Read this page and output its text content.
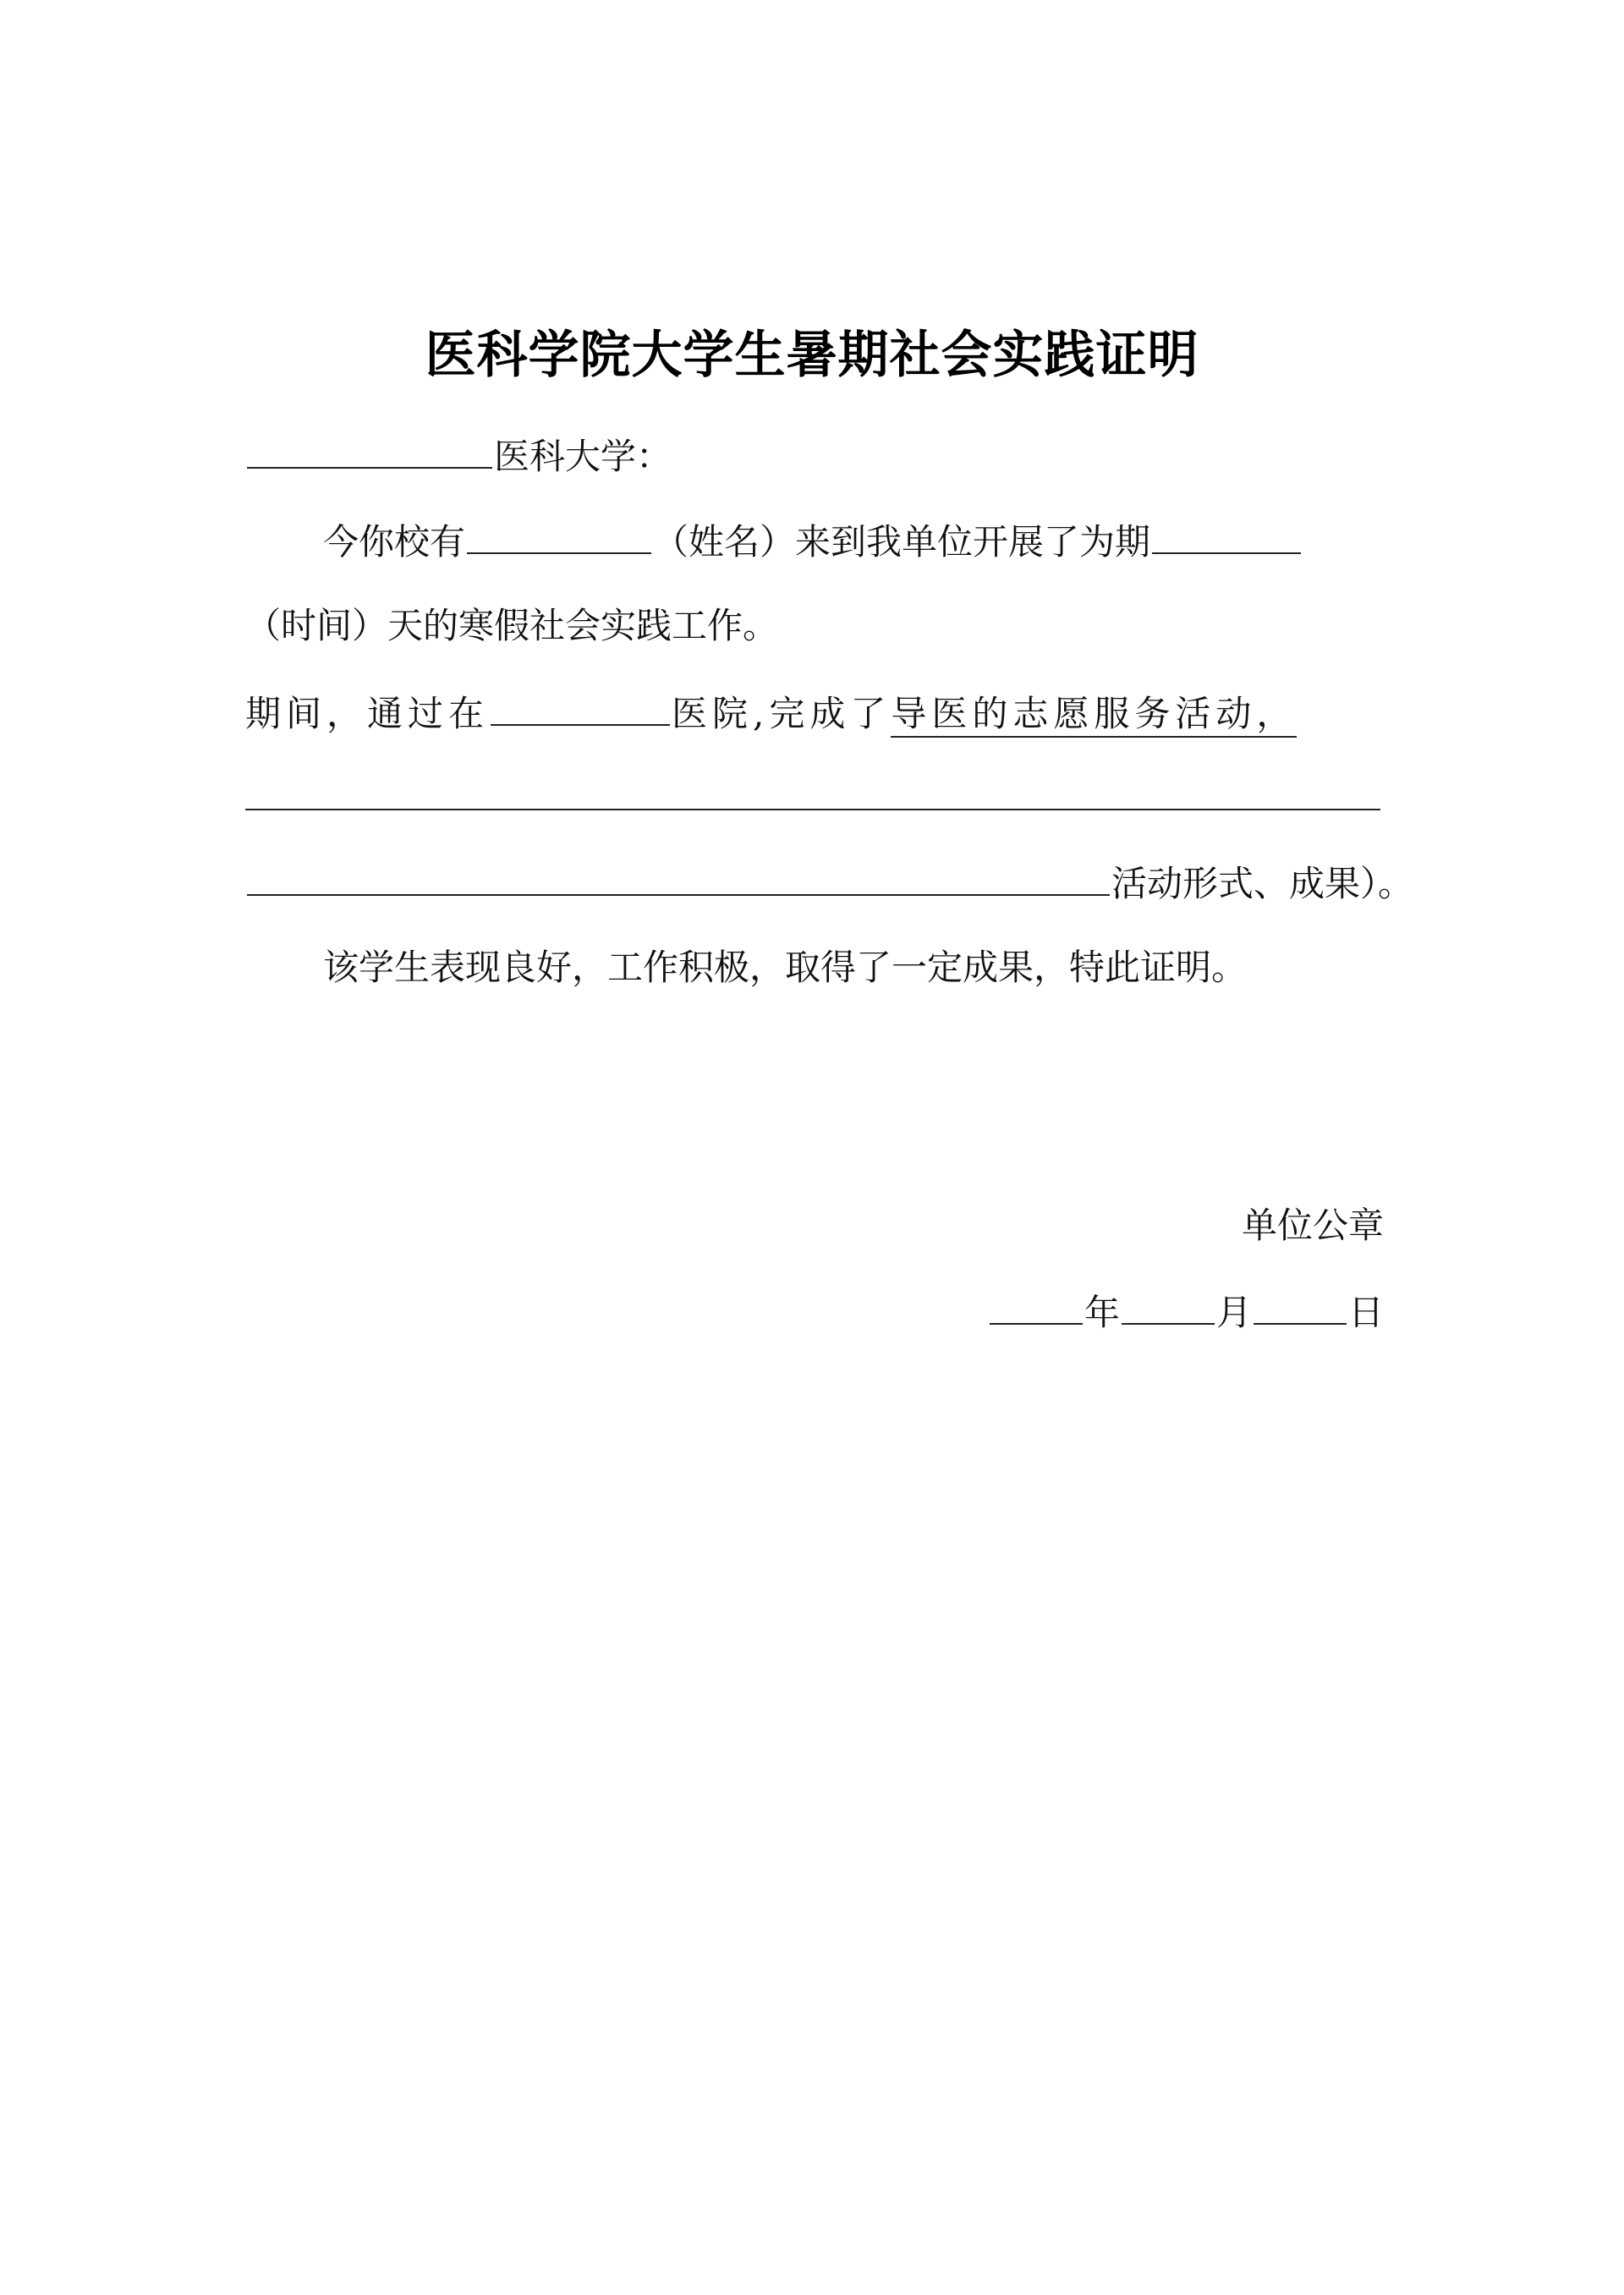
医科学院大学生暑期社会实践证明
医科大学：
今你校有	（姓名）来到我单位开展了为期
（时间）天的寒假社会实践工作。
期间，通过在	医院,完成了导医的志愿服务活动，
活动形式、成果）。
该学生表现良好，工作积极，取得了一定成果，特此证明。
单位公章
年	月	日
